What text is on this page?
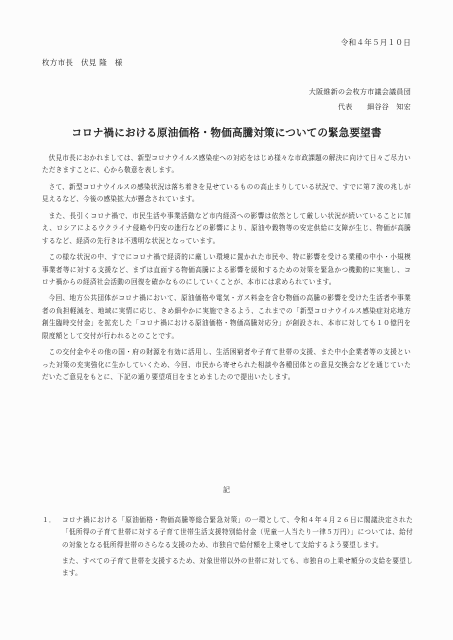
令和４年５月１０日
枚方市長　伏見 隆　様
大阪維新の会枚方市議会議員団
代表　　細谷谷　知宏
コロナ禍における原油価格・物価高騰対策についての緊急要望書

伏見市長におかれましては、新型コロナウイルス感染症への対応をはじめ様々な市政課題の解決に向けて日々ご尽力いただきますことに、心から敬意を表します。

さて、新型コロナウイルスの感染状況は落ち着きを見せているものの高止まりしている状況で、すでに第７波の兆しが見えるなど、今後の感染拡大が懸念されています。

また、長引くコロナ禍で、市民生活や事業活動など市内経済への影響は依然として厳しい状況が続いていることに加え、ロシアによるウクライナ侵略や円安の進行などの影響により、原油や穀物等の安定供給に支障が生じ、物価が高騰するなど、経済の先行きは不透明な状況となっています。

この様な状況の中、すでにコロナ禍で経済的に厳しい環境に置かれた市民や、特に影響を受ける業種の中小・小規模事業者等に対する支援など、まずは直面する物価高騰による影響を緩和するための対策を緊急かつ機動的に実施し、コロナ禍からの経済社会活動の回復を確かなものにしていくことが、本市には求められています。

今回、地方公共団体がコロナ禍において、原油価格や電気・ガス料金を含む物価の高騰の影響を受けた生活者や事業者の負担軽減を、地域に実情に応じ、きめ細やかに実施できるよう、これまでの「新型コロナウイルス感染症対応地方創生臨時交付金」を拡充した「コロナ禍における原油価格・物価高騰対応分」が創設され、本市に対しても１０億円を限度額として交付が行われるとのことです。

この交付金やその他の国・府の財源を有効に活用し、生活困窮者や子育て世帯の支援、また中小企業者等の支援といった対策の充実強化に生かしていくため、今回、市民から寄せられた相談や各種団体との意見交換会などを通じていただいたご意見をもとに、下記の通り要望項目をまとめましたので提出いたします。

記
１． コロナ禍における「原油価格・物価高騰等総合緊急対策」の一環として、令和４年４月２６日に閣議決定された「低所得の子育て世帯に対する子育て世帯生活支援特別給付金（児童一人当たり一律５万円）」については、給付の対象となる低所得世帯のさらなる支援のため、市独自で給付額を上乗せして支給するよう要望します。

また、すべての子育て世帯を支援するため、対象世帯以外の世帯に対しても、市独自の上乗せ額分の支給を要望します。
